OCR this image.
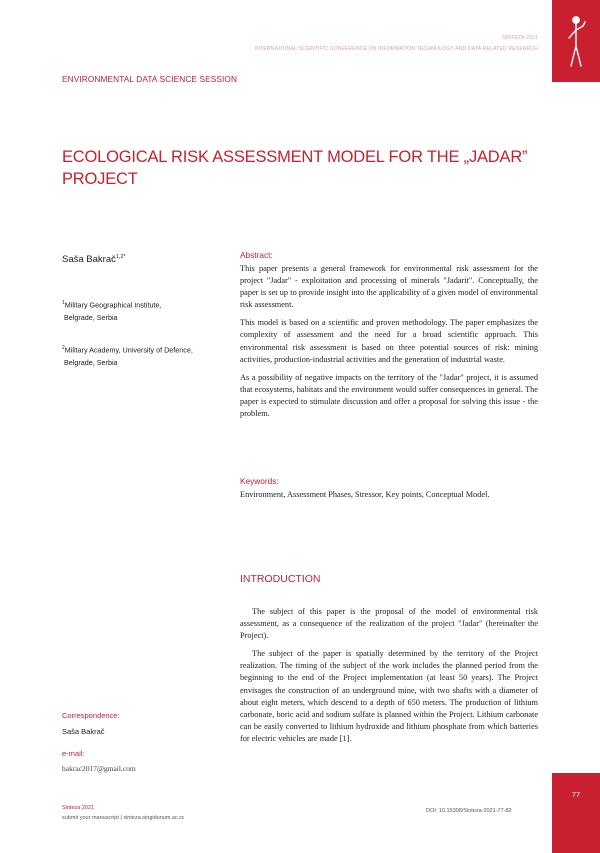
SINTEZA 2021
INTERNATIONAL SCIENTIFIC CONFERENCE ON INFORMATION TECHNOLOGY AND DATA RELATED RESEARCH
ENVIRONMENTAL DATA SCIENCE SESSION
ECOLOGICAL RISK ASSESSMENT MODEL FOR THE „JADAR” PROJECT
Saša Bakrač$^{1,2*}$
$^1$Military Geographical Institute,
Belgrade, Serbia
$^2$Military Academy, University of Defence,
Belgrade, Serbia
Abstract:

This paper presents a general framework for environmental risk assessment for the project "Jadar" - exploitation and processing of minerals "Jadarit". Conceptually, the paper is set up to provide insight into the applicability of a given model of environmental risk assessment.

This model is based on a scientific and proven methodology. The paper emphasizes the complexity of assessment and the need for a broad scientific approach. This environmental risk assessment is based on three potential sources of risk: mining activities, production-industrial activities and the generation of industrial waste.

As a possibility of negative impacts on the territory of the "Jadar" project, it is assumed that ecosystems, habitats and the environment would suffer consequences in general. The paper is expected to stimulate discussion and offer a proposal for solving this issue - the problem.

Keywords:
Environment, Assessment Phases, Stressor, Key points, Conceptual Model.
INTRODUCTION

The subject of this paper is the proposal of the model of environmental risk assessment, as a consequence of the realization of the project "Jadar" (hereinafter the Project).

The subject of the paper is spatially determined by the territory of the Project realization. The timing of the subject of the work includes the planned period from the beginning to the end of the Project implementation (at least 50 years). The Project envisages the construction of an underground mine, with two shafts with a diameter of about eight meters, which descend to a depth of 650 meters. The production of lithium carbonate, boric acid and sodium sulfate is planned within the Project. Lithium carbonate can be easily converted to lithium hydroxide and lithium phosphate from which batteries for electric vehicles are made [1].

Correspondence:
Saša Bakrač
e-mail:
bakrac2017@gmail.com
Sinteza 2021
submit your manuscript | sinteza.singidunum.ac.rs
DOI: 10.15308/Sinteza-2021-77-82
77
